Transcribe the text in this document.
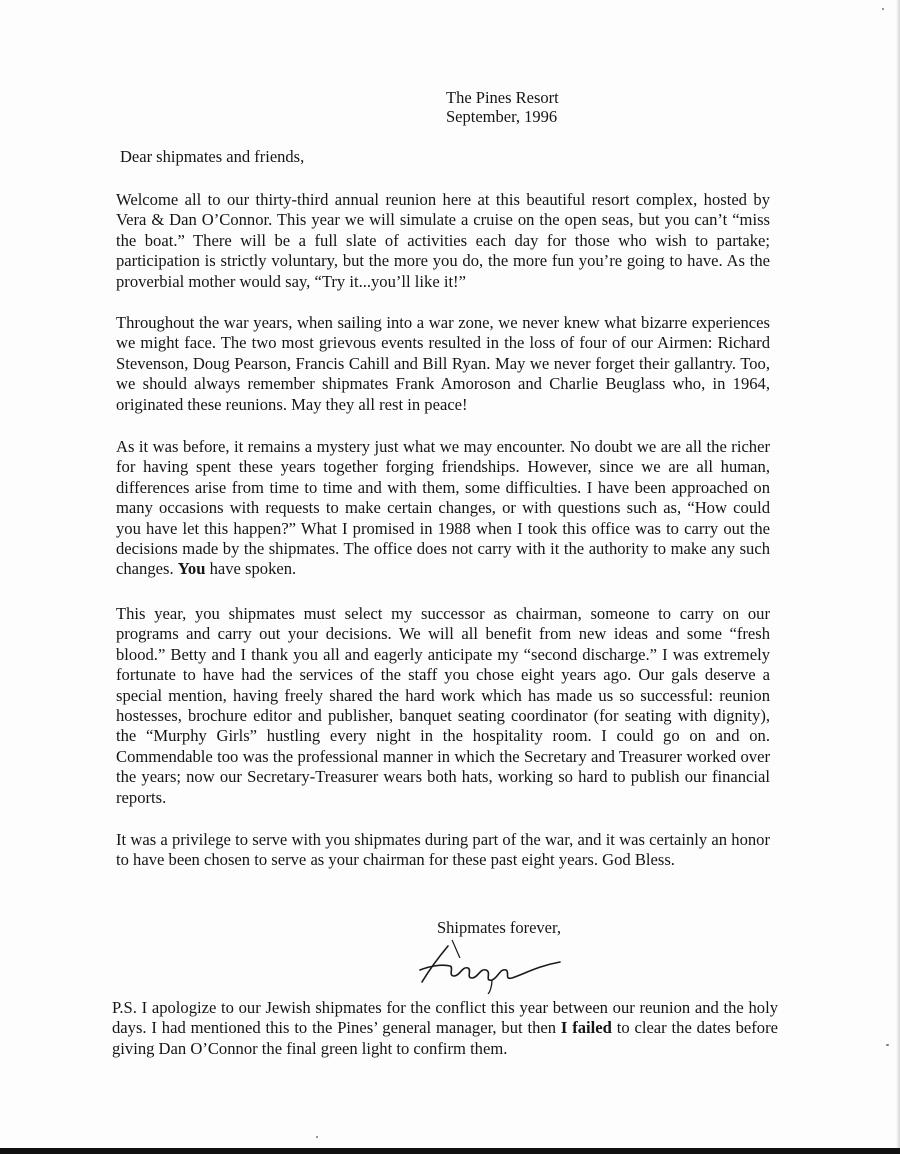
The Pines Resort
September, 1996
Dear shipmates and friends,
Welcome all to our thirty-third annual reunion here at this beautiful resort complex, hosted by Vera & Dan O’Connor. This year we will simulate a cruise on the open seas, but you can’t “miss the boat.” There will be a full slate of activities each day for those who wish to partake; participation is strictly voluntary, but the more you do, the more fun you’re going to have. As the proverbial mother would say, “Try it...you’ll like it!”
Throughout the war years, when sailing into a war zone, we never knew what bizarre experiences we might face. The two most grievous events resulted in the loss of four of our Airmen: Richard Stevenson, Doug Pearson, Francis Cahill and Bill Ryan. May we never forget their gallantry. Too, we should always remember shipmates Frank Amoroson and Charlie Beuglass who, in 1964, originated these reunions. May they all rest in peace!
As it was before, it remains a mystery just what we may encounter. No doubt we are all the richer for having spent these years together forging friendships. However, since we are all human, differences arise from time to time and with them, some difficulties. I have been approached on many occasions with requests to make certain changes, or with questions such as, “How could you have let this happen?” What I promised in 1988 when I took this office was to carry out the decisions made by the shipmates. The office does not carry with it the authority to make any such changes. You have spoken.
This year, you shipmates must select my successor as chairman, someone to carry on our programs and carry out your decisions. We will all benefit from new ideas and some “fresh blood.” Betty and I thank you all and eagerly anticipate my “second discharge.” I was extremely fortunate to have had the services of the staff you chose eight years ago. Our gals deserve a special mention, having freely shared the hard work which has made us so successful: reunion hostesses, brochure editor and publisher, banquet seating coordinator (for seating with dignity), the “Murphy Girls” hustling every night in the hospitality room. I could go on and on. Commendable too was the professional manner in which the Secretary and Treasurer worked over the years; now our Secretary-Treasurer wears both hats, working so hard to publish our financial reports.
It was a privilege to serve with you shipmates during part of the war, and it was certainly an honor to have been chosen to serve as your chairman for these past eight years. God Bless.
Shipmates forever,
P.S. I apologize to our Jewish shipmates for the conflict this year between our reunion and the holy days. I had mentioned this to the Pines’ general manager, but then I failed to clear the dates before giving Dan O’Connor the final green light to confirm them.
